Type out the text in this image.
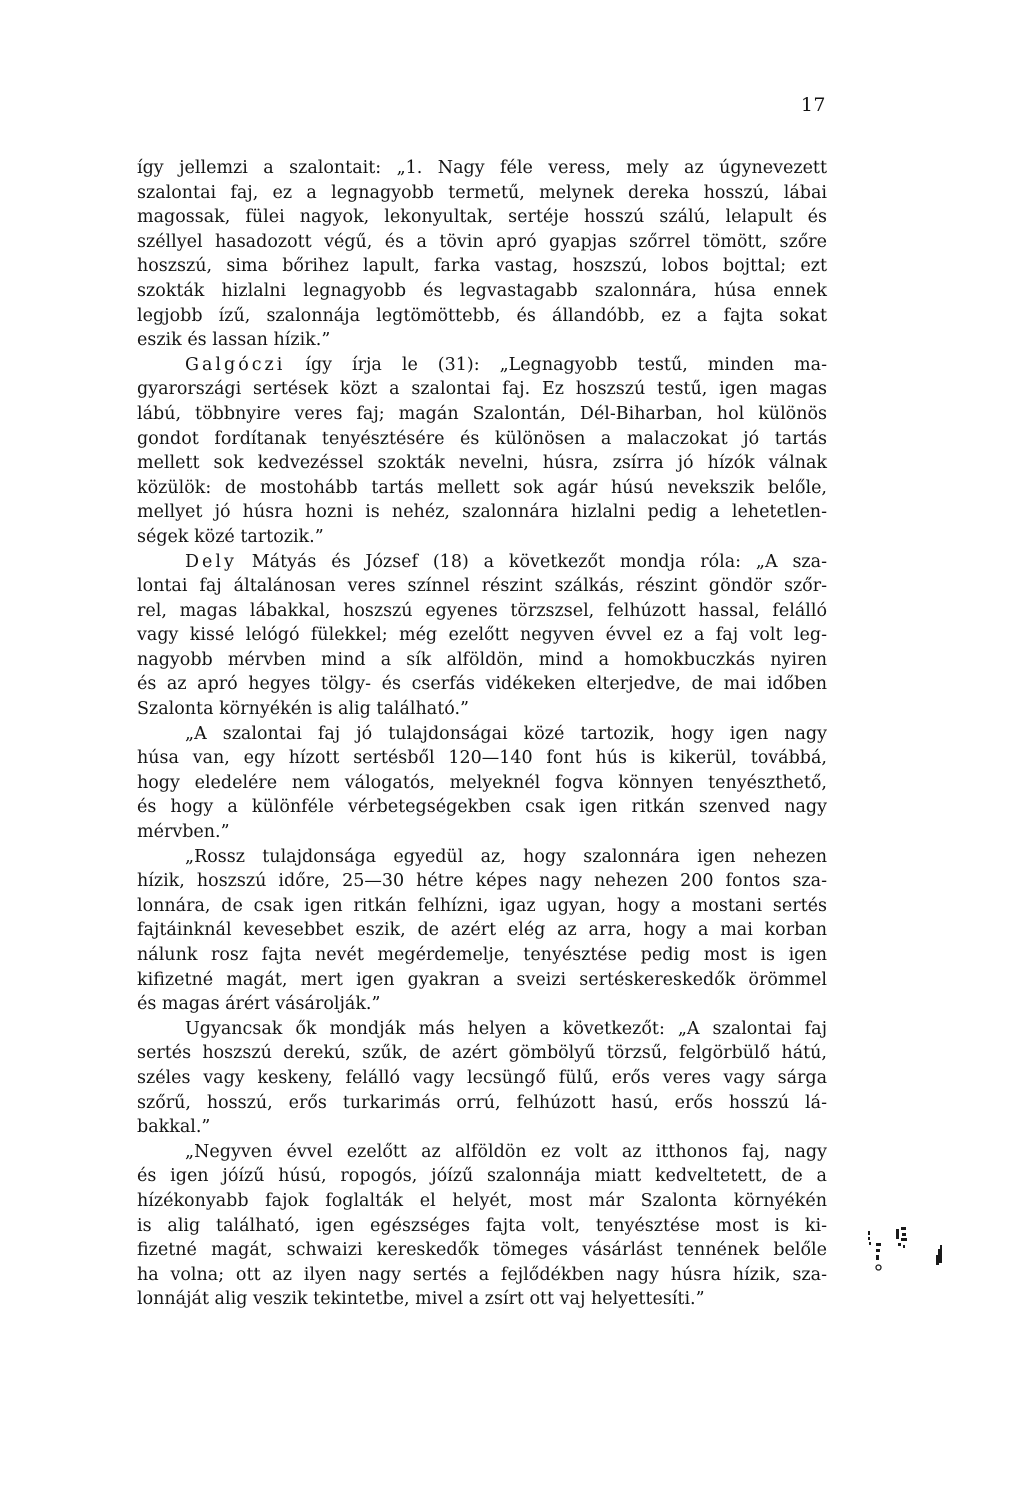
17
így jellemzi a szalontait: „1. Nagy féle veress, mely az úgynevezett
szalontai faj, ez a legnagyobb termetű, melynek dereka hosszú, lábai
magossak, fülei nagyok, lekonyultak, sertéje hosszú szálú, lelapult és
széllyel hasadozott végű, és a tövin apró gyapjas szőrrel tömött, szőre
hoszszú, sima bőrihez lapult, farka vastag, hoszszú, lobos bojttal; ezt
szokták hizlalni legnagyobb és legvastagabb szalonnára, húsa ennek
legjobb ízű, szalonnája legtömöttebb, és állandóbb, ez a fajta sokat
eszik és lassan hízik.”
Galgóczi így írja le (31): „Legnagyobb testű, minden ma-
gyarországi sertések közt a szalontai faj. Ez hoszszú testű, igen magas
lábú, többnyire veres faj; magán Szalontán, Dél-Biharban, hol különös
gondot fordítanak tenyésztésére és különösen a malaczokat jó tartás
mellett sok kedvezéssel szokták nevelni, húsra, zsírra jó hízók válnak
közülök: de mostohább tartás mellett sok agár húsú nevekszik belőle,
mellyet jó húsra hozni is nehéz, szalonnára hizlalni pedig a lehetetlen-
ségek közé tartozik.”
Dely Mátyás és József (18) a következőt mondja róla: „A sza-
lontai faj általánosan veres színnel részint szálkás, részint göndör szőr-
rel, magas lábakkal, hoszszú egyenes törzszsel, felhúzott hassal, felálló
vagy kissé lelógó fülekkel; még ezelőtt negyven évvel ez a faj volt leg-
nagyobb mérvben mind a sík alföldön, mind a homokbuczkás nyiren
és az apró hegyes tölgy- és cserfás vidékeken elterjedve, de mai időben
Szalonta környékén is alig található.”
„A szalontai faj jó tulajdonságai közé tartozik, hogy igen nagy
húsa van, egy hízott sertésből 120—140 font hús is kikerül, továbbá,
hogy eledelére nem válogatós, melyeknél fogva könnyen tenyészthető,
és hogy a különféle vérbetegségekben csak igen ritkán szenved nagy
mérvben.”
„Rossz tulajdonsága egyedül az, hogy szalonnára igen nehezen
hízik, hoszszú időre, 25—30 hétre képes nagy nehezen 200 fontos sza-
lonnára, de csak igen ritkán felhízni, igaz ugyan, hogy a mostani sertés
fajtáinknál kevesebbet eszik, de azért elég az arra, hogy a mai korban
nálunk rosz fajta nevét megérdemelje, tenyésztése pedig most is igen
kifizetné magát, mert igen gyakran a sveizi sertéskereskedők örömmel
és magas árért vásárolják.”
Ugyancsak ők mondják más helyen a következőt: „A szalontai faj
sertés hoszszú derekú, szűk, de azért gömbölyű törzsű, felgörbülő hátú,
széles vagy keskeny, felálló vagy lecsüngő fülű, erős veres vagy sárga
szőrű, hosszú, erős turkarimás orrú, felhúzott hasú, erős hosszú lá-
bakkal.”
„Negyven évvel ezelőtt az alföldön ez volt az itthonos faj, nagy
és igen jóízű húsú, ropogós, jóízű szalonnája miatt kedveltetett, de a
hízékonyabb fajok foglalták el helyét, most már Szalonta környékén
is alig található, igen egészséges fajta volt, tenyésztése most is ki-
fizetné magát, schwaizi kereskedők tömeges vásárlást tennének belőle
ha volna; ott az ilyen nagy sertés a fejlődékben nagy húsra hízik, sza-
lonnáját alig veszik tekintetbe, mivel a zsírt ott vaj helyettesíti.”
